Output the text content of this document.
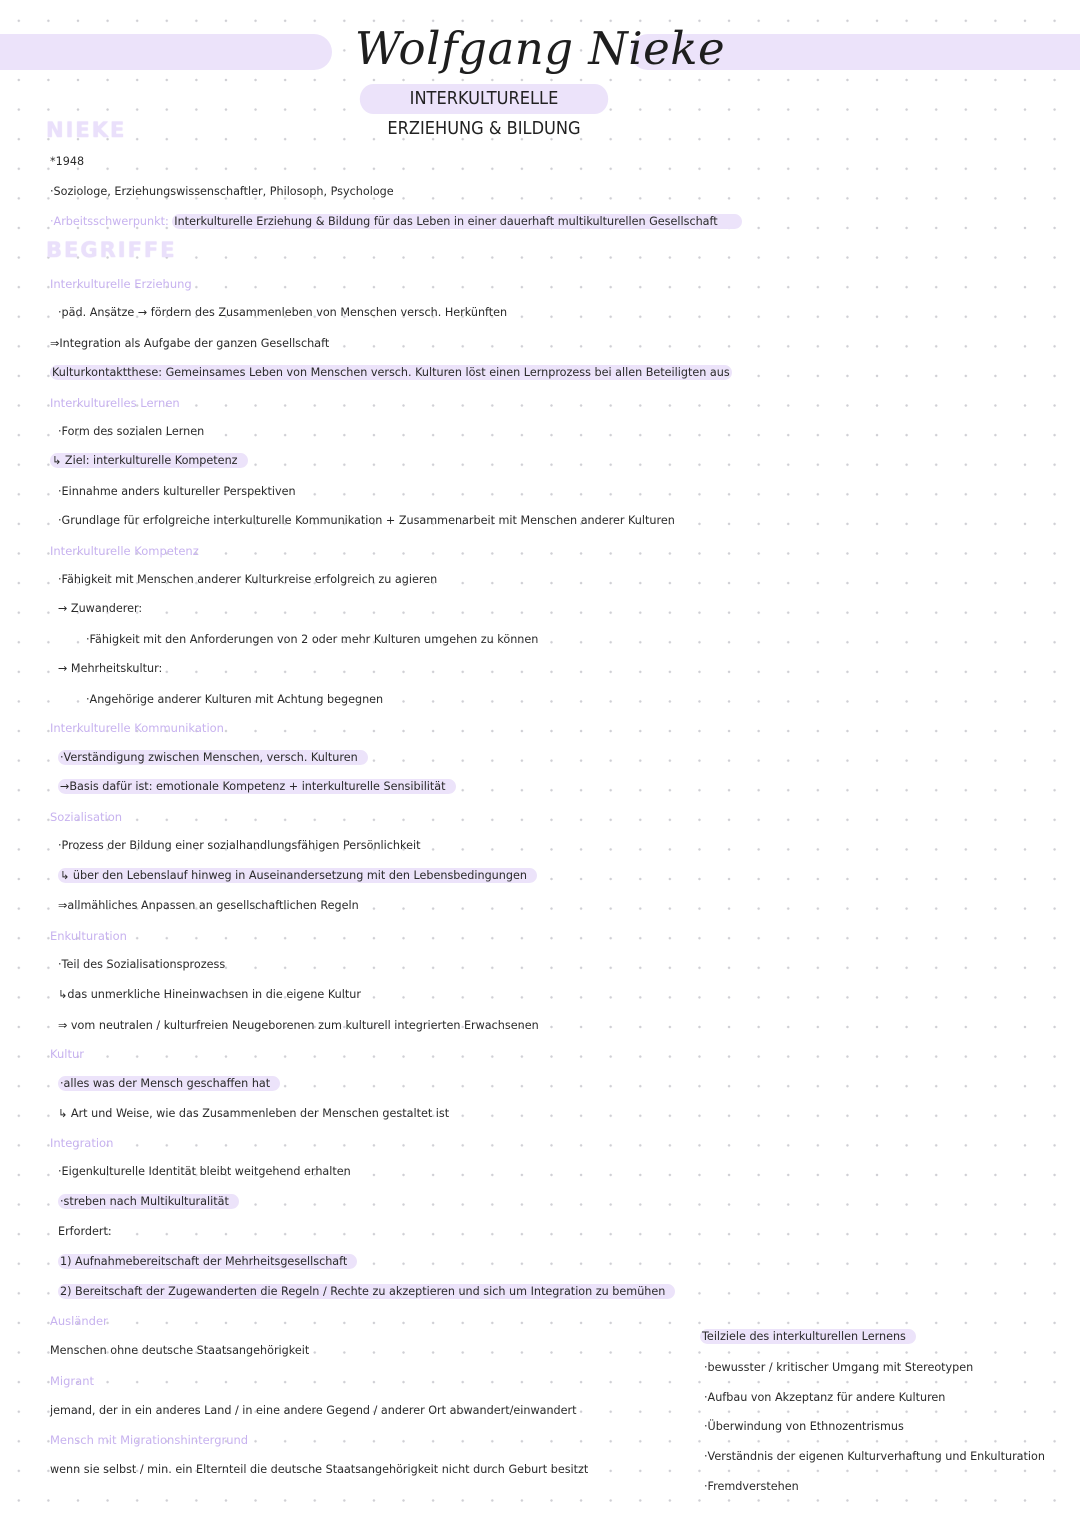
Wolfgang Nieke
INTERKULTURELLE ERZIEHUNG & BILDUNG
NIEKE
*1948
·Soziologe, Erziehungswissenschaftler, Philosoph, Psychologe
·Arbeitsschwerpunkt: Interkulturelle Erziehung & Bildung für das Leben in einer dauerhaft multikulturellen Gesellschaft
BEGRIFFE
Interkulturelle Erziehung
·päd. Ansätze → fördern des Zusammenleben von Menschen versch. Herkünften
⇒Integration als Aufgabe der ganzen Gesellschaft
Kulturkontaktthese: Gemeinsames Leben von Menschen versch. Kulturen löst einen Lernprozess bei allen Beteiligten aus
Interkulturelles Lernen
·Form des sozialen Lernen
↳ Ziel: interkulturelle Kompetenz
·Einnahme anders kultureller Perspektiven
·Grundlage für erfolgreiche interkulturelle Kommunikation + Zusammenarbeit mit Menschen anderer Kulturen
Interkulturelle Kompetenz
·Fähigkeit mit Menschen anderer Kulturkreise erfolgreich zu agieren
→ Zuwanderer:
·Fähigkeit mit den Anforderungen von 2 oder mehr Kulturen umgehen zu können
→ Mehrheitskultur:
·Angehörige anderer Kulturen mit Achtung begegnen
Interkulturelle Kommunikation
·Verständigung zwischen Menschen, versch. Kulturen
→Basis dafür ist: emotionale Kompetenz + interkulturelle Sensibilität
Sozialisation
·Prozess der Bildung einer sozialhandlungsfähigen Persönlichkeit
↳ über den Lebenslauf hinweg in Auseinandersetzung mit den Lebensbedingungen
⇒allmähliches Anpassen an gesellschaftlichen Regeln
Enkulturation
·Teil des Sozialisationsprozess
↳das unmerkliche Hineinwachsen in die eigene Kultur
⇒ vom neutralen / kulturfreien Neugeborenen zum kulturell integrierten Erwachsenen
Kultur
·alles was der Mensch geschaffen hat
↳ Art und Weise, wie das Zusammenleben der Menschen gestaltet ist
Integration
·Eigenkulturelle Identität bleibt weitgehend erhalten
·streben nach Multikulturalität
Erfordert:
1) Aufnahmebereitschaft der Mehrheitsgesellschaft
2) Bereitschaft der Zugewanderten die Regeln / Rechte zu akzeptieren und sich um Integration zu bemühen
Ausländer
Menschen ohne deutsche Staatsangehörigkeit
Migrant
jemand, der in ein anderes Land / in eine andere Gegend / anderer Ort abwandert/einwandert
Mensch mit Migrationshintergrund
wenn sie selbst / min. ein Elternteil die deutsche Staatsangehörigkeit nicht durch Geburt besitzt
Teilziele des interkulturellen Lernens
·bewusster / kritischer Umgang mit Stereotypen
·Aufbau von Akzeptanz für andere Kulturen
·Überwindung von Ethnozentrismus
·Verständnis der eigenen Kulturverhaftung und Enkulturation
·Fremdverstehen
